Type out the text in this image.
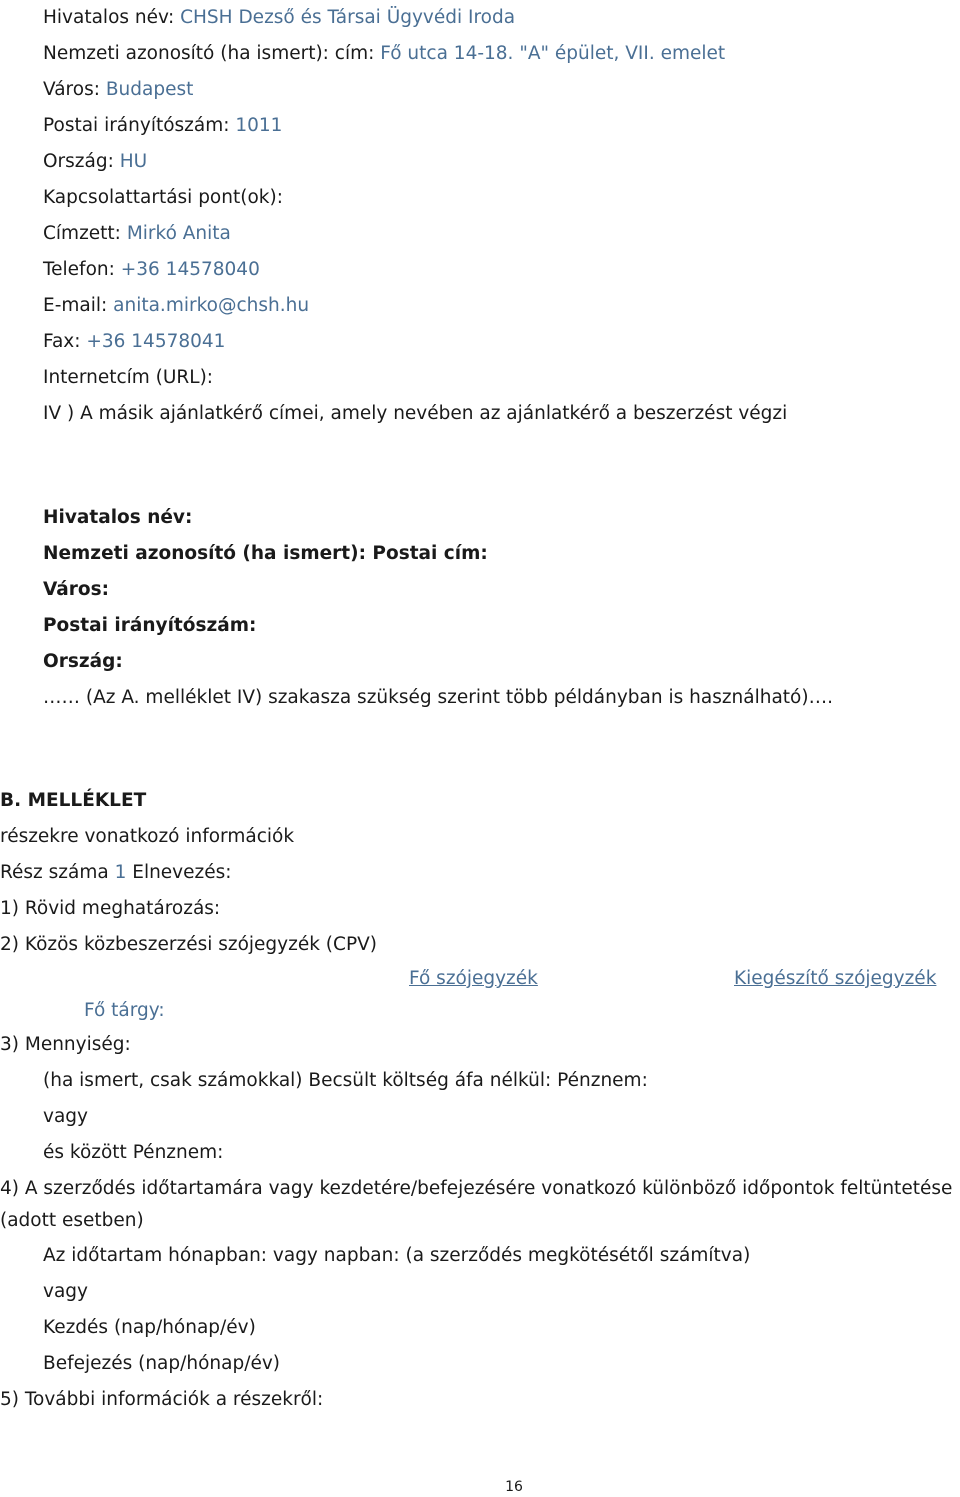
Hivatalos név: CHSH Dezső és Társai Ügyvédi Iroda
Nemzeti azonosító (ha ismert): cím: Fő utca 14-18. "A" épület, VII. emelet
Város: Budapest
Postai irányítószám: 1011
Ország: HU
Kapcsolattartási pont(ok):
Címzett: Mirkó Anita
Telefon: +36 14578040
E-mail: anita.mirko@chsh.hu
Fax: +36 14578041
Internetcím (URL):
IV ) A másik ajánlatkérő címei, amely nevében az ajánlatkérő a beszerzést végzi
Hivatalos név:
Nemzeti azonosító (ha ismert): Postai cím:
Város:
Postai irányítószám:
Ország:
…… (Az A. melléklet IV) szakasza szükség szerint több példányban is használható)….
B. MELLÉKLET
részekre vonatkozó információk
Rész száma 1 Elnevezés:
1) Rövid meghatározás:
2) Közös közbeszerzési szójegyzék (CPV)
Fő szójegyzék	Kiegészítő szójegyzék
Fő tárgy:
3) Mennyiség:
(ha ismert, csak számokkal) Becsült költség áfa nélkül: Pénznem:
vagy
és között Pénznem:
4) A szerződés időtartamára vagy kezdetére/befejezésére vonatkozó különböző időpontok feltüntetése
(adott esetben)
Az időtartam hónapban: vagy napban: (a szerződés megkötésétől számítva)
vagy
Kezdés (nap/hónap/év)
Befejezés (nap/hónap/év)
5) További információk a részekről:
16
